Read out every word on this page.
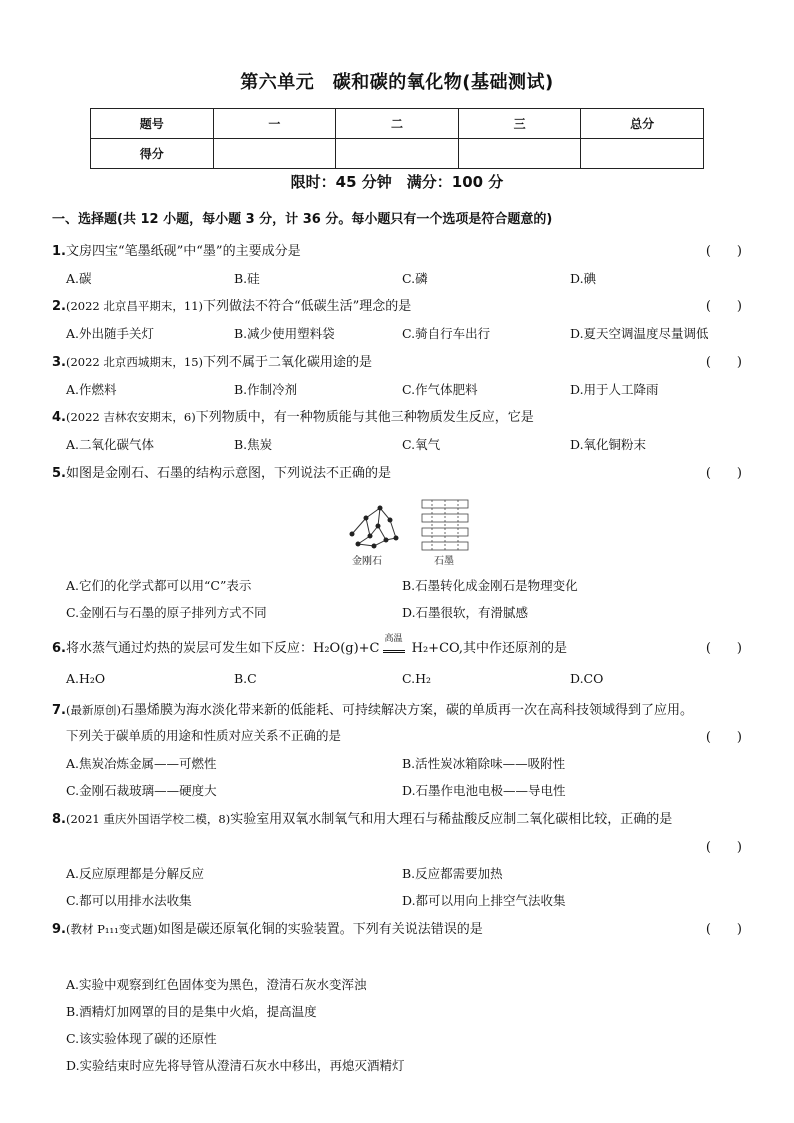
第六单元　碳和碳的氧化物(基础测试)
题号	一	二	三	总分
得分				
限时：45 分钟　满分：100 分
一、选择题(共 12 小题，每小题 3 分，计 36 分。每小题只有一个选项是符合题意的)
1.文房四宝“笔墨纸砚”中“墨”的主要成分是	(　　)
A.碳	B.硅	C.磷	D.碘
2.(2022 北京昌平期末，11)下列做法不符合“低碳生活”理念的是	(　　)
A.外出随手关灯	B.减少使用塑料袋	C.骑自行车出行	D.夏天空调温度尽量调低
3.(2022 北京西城期末，15)下列不属于二氧化碳用途的是	(　　)
A.作燃料	B.作制冷剂	C.作气体肥料	D.用于人工降雨
4.(2022 吉林农安期末，6)下列物质中，有一种物质能与其他三种物质发生反应，它是
A.二氧化碳气体	B.焦炭	C.氧气	D.氧化铜粉末
5.如图是金刚石、石墨的结构示意图，下列说法不正确的是	(　　)
金刚石	石墨
A.它们的化学式都可以用“C”表示	B.石墨转化成金刚石是物理变化
C.金刚石与石墨的原子排列方式不同	D.石墨很软，有滑腻感
6.将水蒸气通过灼热的炭层可发生如下反应：H₂O(g)+C
高温
H₂+CO,其中作还原剂的是	(　　)
A.H₂O	B.C	C.H₂	D.CO
7.(最新原创)石墨烯膜为海水淡化带来新的低能耗、可持续解决方案，碳的单质再一次在高科技领域得到了应用。
下列关于碳单质的用途和性质对应关系不正确的是	(　　)
A.焦炭冶炼金属——可燃性	B.活性炭冰箱除味——吸附性
C.金刚石裁玻璃——硬度大	D.石墨作电池电极——导电性
8.(2021 重庆外国语学校二模，8)实验室用双氧水制氧气和用大理石与稀盐酸反应制二氧化碳相比较，正确的是
(　　)
A.反应原理都是分解反应	B.反应都需要加热
C.都可以用排水法收集	D.都可以用向上排空气法收集
9.(教材 P₁₁₁变式题)如图是碳还原氧化铜的实验装置。下列有关说法错误的是	(　　)
A.实验中观察到红色固体变为黑色，澄清石灰水变浑浊
B.酒精灯加网罩的目的是集中火焰，提高温度
C.该实验体现了碳的还原性
D.实验结束时应先将导管从澄清石灰水中移出，再熄灭酒精灯
